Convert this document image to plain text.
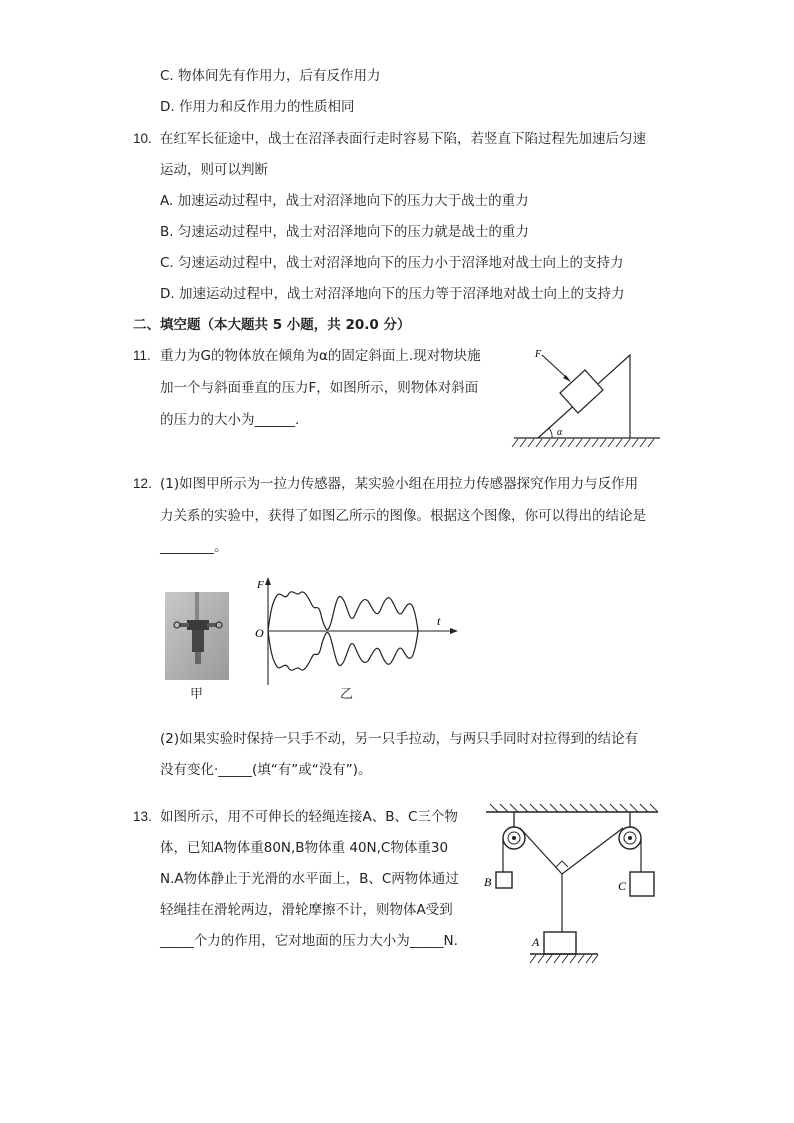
C. 物体间先有作用力，后有反作用力
D. 作用力和反作用力的性质相同
10. 在红军长征途中，战士在沼泽表面行走时容易下陷，若竖直下陷过程先加速后匀速
运动，则可以判断
A. 加速运动过程中，战士对沼泽地向下的压力大于战士的重力
B. 匀速运动过程中，战士对沼泽地向下的压力就是战士的重力
C. 匀速运动过程中，战士对沼泽地向下的压力小于沼泽地对战士向上的支持力
D. 加速运动过程中，战士对沼泽地向下的压力等于沼泽地对战士向上的支持力
二、填空题（本大题共 5 小题，共 20.0 分）
11. 重力为G的物体放在倾角为α的固定斜面上.现对物块施
加一个与斜面垂直的压力F，如图所示，则物体对斜面
的压力的大小为______.
F
α
12. (1)如图甲所示为一拉力传感器，某实验小组在用拉力传感器探究作用力与反作用
力关系的实验中，获得了如图乙所示的图像。根据这个图像，你可以得出的结论是
________。
甲
F
t
O
乙
(2)如果实验时保持一只手不动，另一只手拉动，与两只手同时对拉得到的结论有
没有变化·_____(填“有”或“没有”)。
13. 如图所示，用不可伸长的轻绳连接A、B、C三个物
体，已知A物体重80N,B物体重 40N,C物体重30
N.A物体静止于光滑的水平面上，B、C两物体通过
轻绳挂在滑轮两边，滑轮摩擦不计，则物体A受到
_____个力的作用，它对地面的压力大小为_____N.
B	C
A
